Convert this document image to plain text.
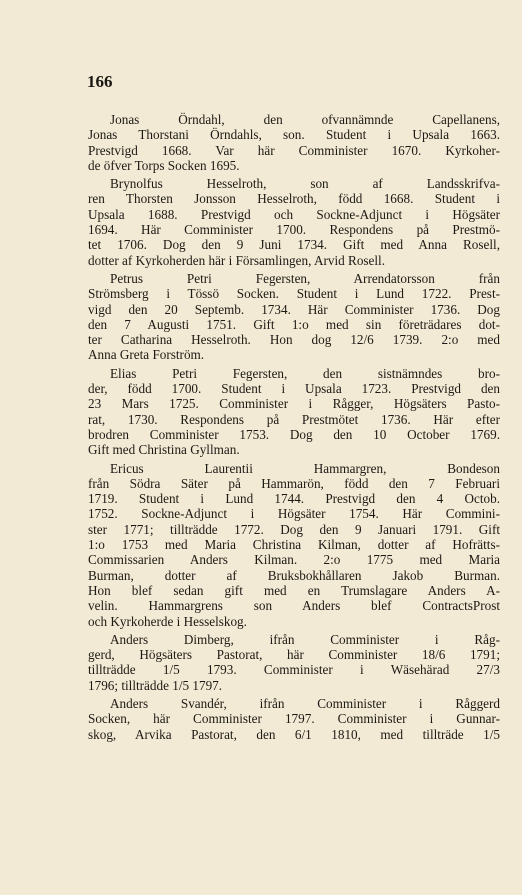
166
Jonas Örndahl, den ofvannämnde Capellanens,
Jonas Thorstani Örndahls, son. Student i Upsala 1663.
Prestvigd 1668. Var här Comminister 1670. Kyrkoher-
de öfver Torps Socken 1695.
Brynolfus Hesselroth, son af Landsskrifva-
ren Thorsten Jonsson Hesselroth, född 1668. Student i
Upsala 1688. Prestvigd och Sockne-Adjunct i Högsäter
1694. Här Comminister 1700. Respondens på Prestmö-
tet 1706. Dog den 9 Juni 1734. Gift med Anna Rosell,
dotter af Kyrkoherden här i Församlingen, Arvid Rosell.
Petrus Petri Fegersten, Arrendatorsson från
Strömsberg i Tössö Socken. Student i Lund 1722. Prest-
vigd den 20 Septemb. 1734. Här Comminister 1736. Dog
den 7 Augusti 1751. Gift 1:o med sin företrädares dot-
ter Catharina Hesselroth. Hon dog 12/6 1739. 2:o med
Anna Greta Forström.
Elias Petri Fegersten, den sistnämndes bro-
der, född 1700. Student i Upsala 1723. Prestvigd den
23 Mars 1725. Comminister i Rågger, Högsäters Pasto-
rat, 1730. Respondens på Prestmötet 1736. Här efter
brodren Comminister 1753. Dog den 10 October 1769.
Gift med Christina Gyllman.
Ericus Laurentii Hammargren, Bondeson
från Södra Säter på Hammarön, född den 7 Februari
1719. Student i Lund 1744. Prestvigd den 4 Octob.
1752. Sockne-Adjunct i Högsäter 1754. Här Commini-
ster 1771; tillträdde 1772. Dog den 9 Januari 1791. Gift
1:o 1753 med Maria Christina Kilman, dotter af Hofrätts-
Commissarien Anders Kilman. 2:o 1775 med Maria
Burman, dotter af Bruksbokhållaren Jakob Burman.
Hon blef sedan gift med en Trumslagare Anders A-
velin. Hammargrens son Anders blef ContractsProst
och Kyrkoherde i Hesselskog.
Anders Dimberg, ifrån Comminister i Råg-
gerd, Högsäters Pastorat, här Comminister 18/6 1791;
tillträdde 1/5 1793. Comminister i Wäsehärad 27/3
1796; tillträdde 1/5 1797.
Anders Svandér, ifrån Comminister i Råggerd
Socken, här Comminister 1797. Comminister i Gunnar-
skog, Arvika Pastorat, den 6/1 1810, med tillträde 1/5
